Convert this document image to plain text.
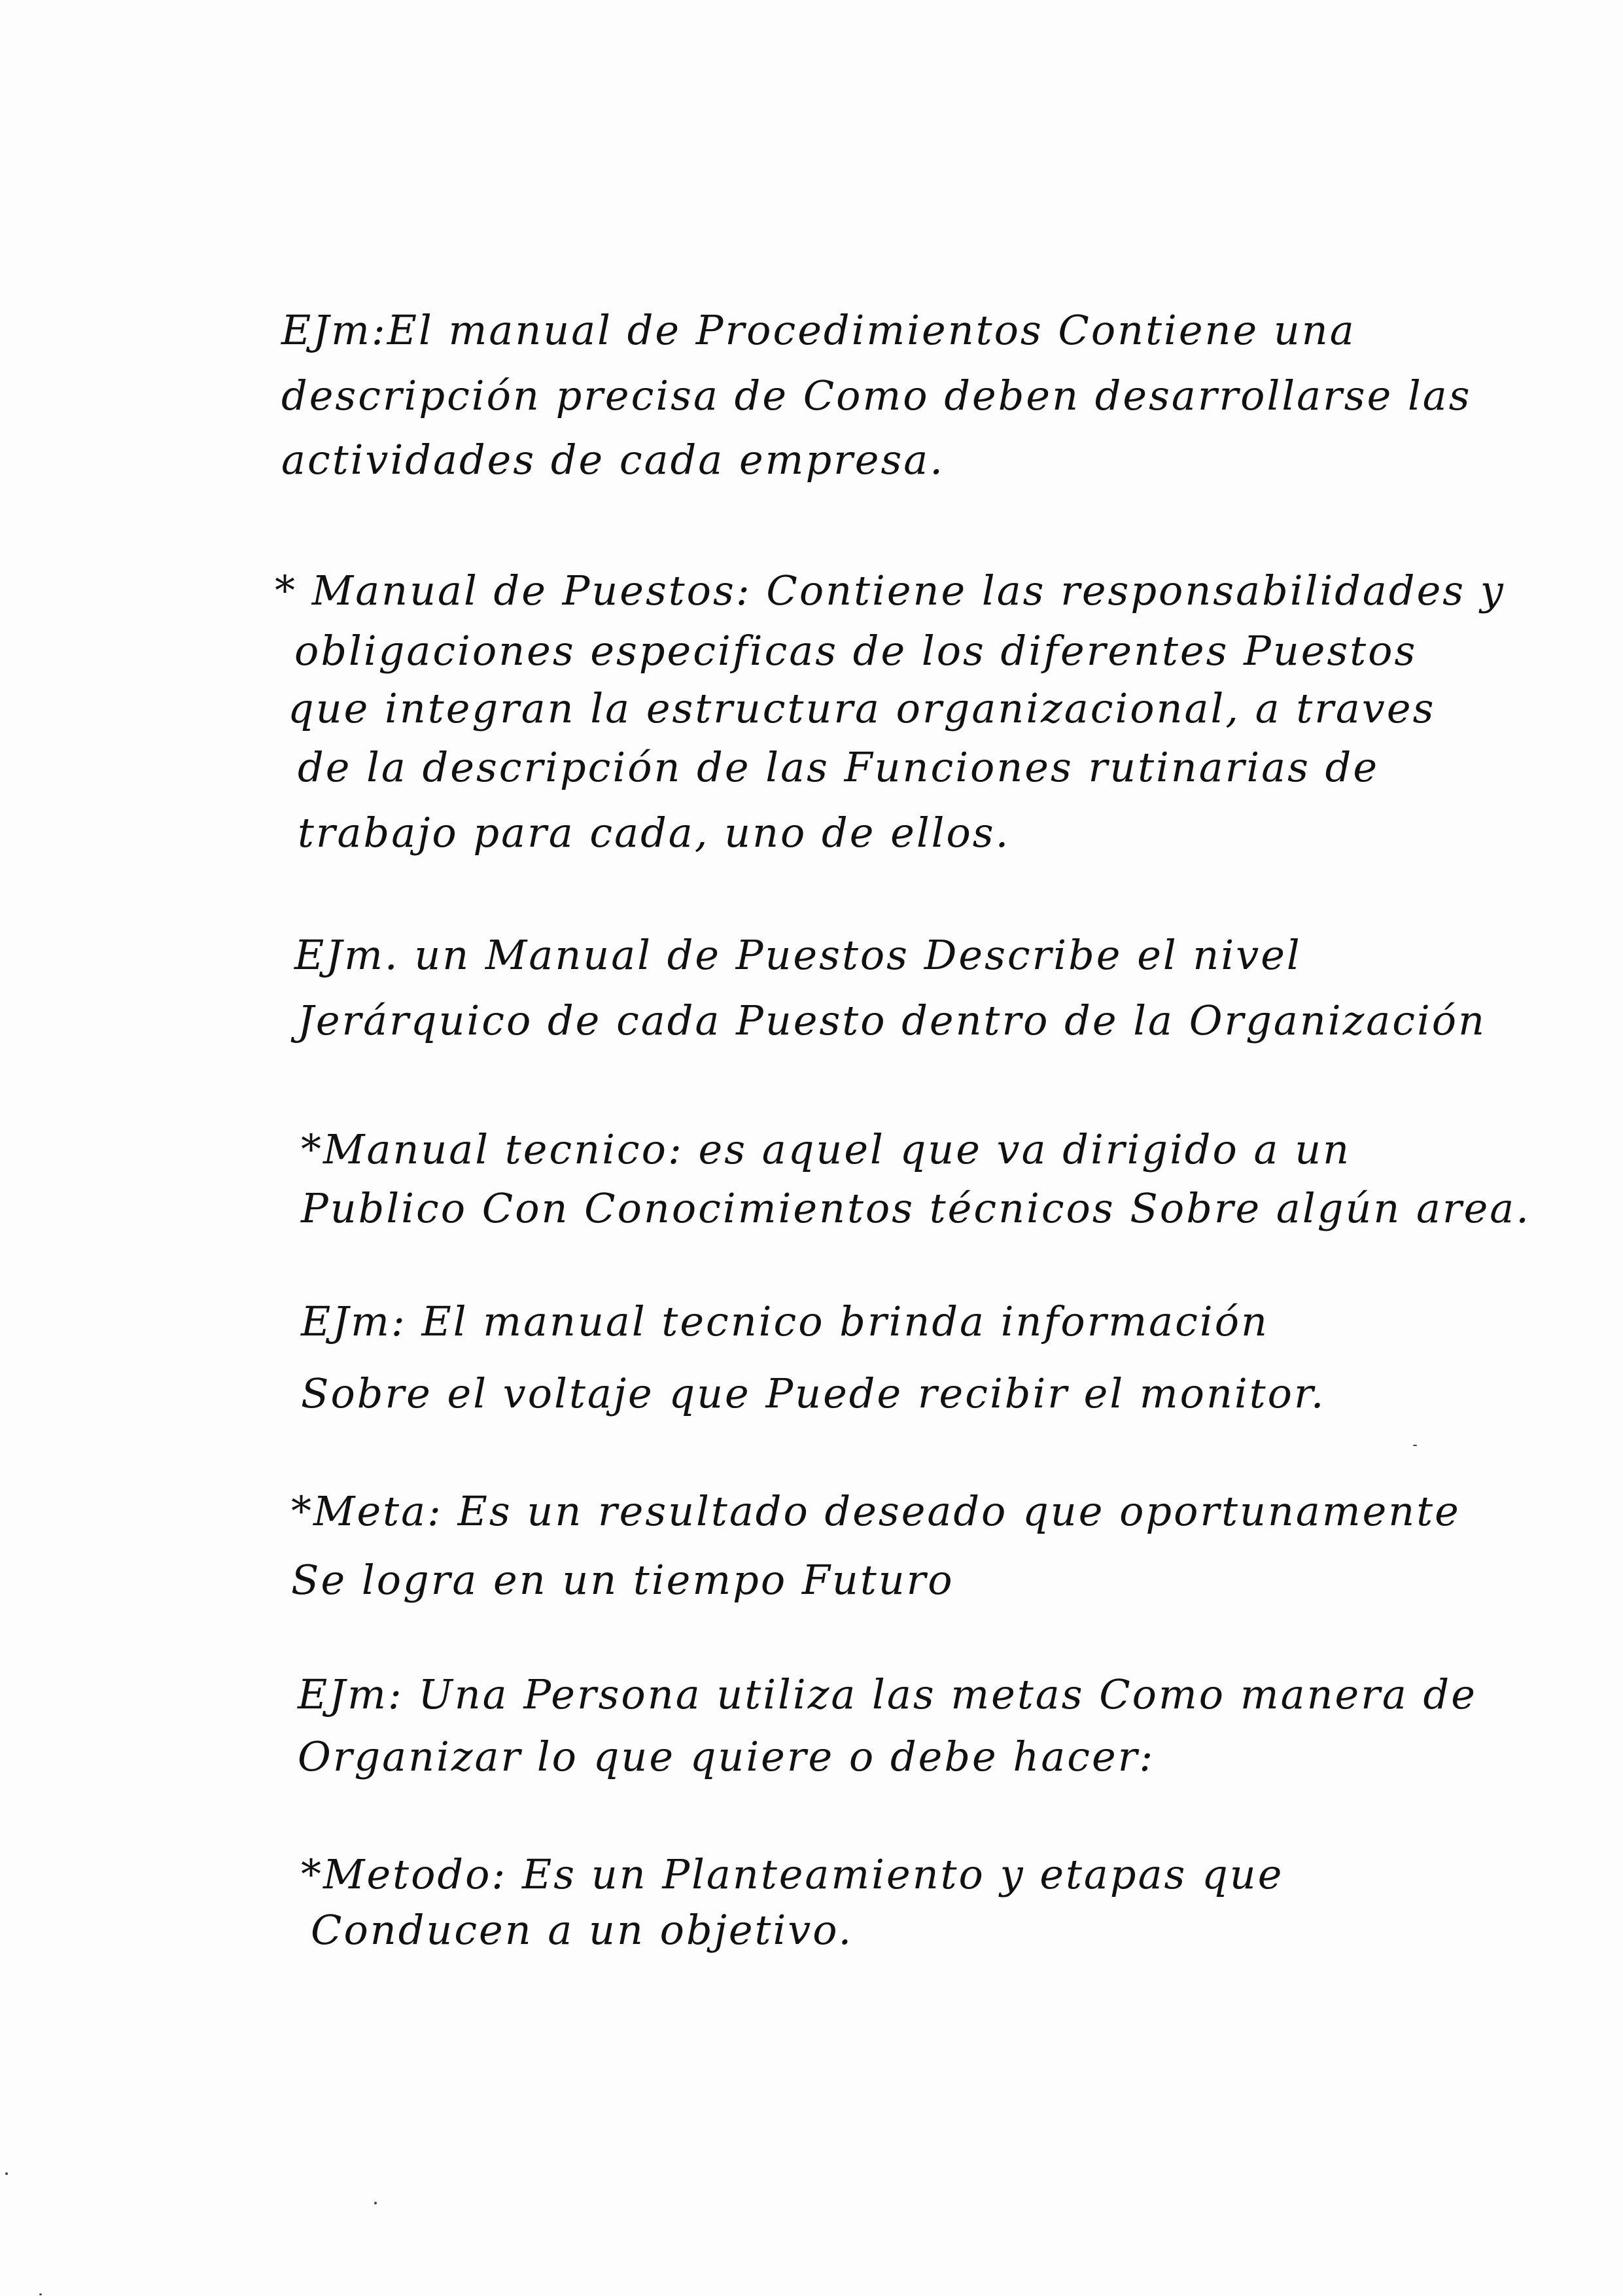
EJm:El manual de Procedimientos Contiene una
descripción precisa de Como deben desarrollarse las
actividades de cada empresa.
* Manual de Puestos: Contiene las responsabilidades y
obligaciones especificas de los diferentes Puestos
que integran la estructura organizacional, a traves
de la descripción de las Funciones rutinarias de
trabajo para cada, uno de ellos.
EJm. un Manual de Puestos Describe el nivel
Jerárquico de cada Puesto dentro de la Organización
*Manual tecnico: es aquel que va dirigido a un
Publico Con Conocimientos técnicos Sobre algún area.
EJm: El manual tecnico brinda información
Sobre el voltaje que Puede recibir el monitor.
*Meta: Es un resultado deseado que oportunamente
Se logra en un tiempo Futuro
EJm: Una Persona utiliza las metas Como manera de
Organizar lo que quiere o debe hacer:
*Metodo: Es un Planteamiento y etapas que
Conducen a un objetivo.
